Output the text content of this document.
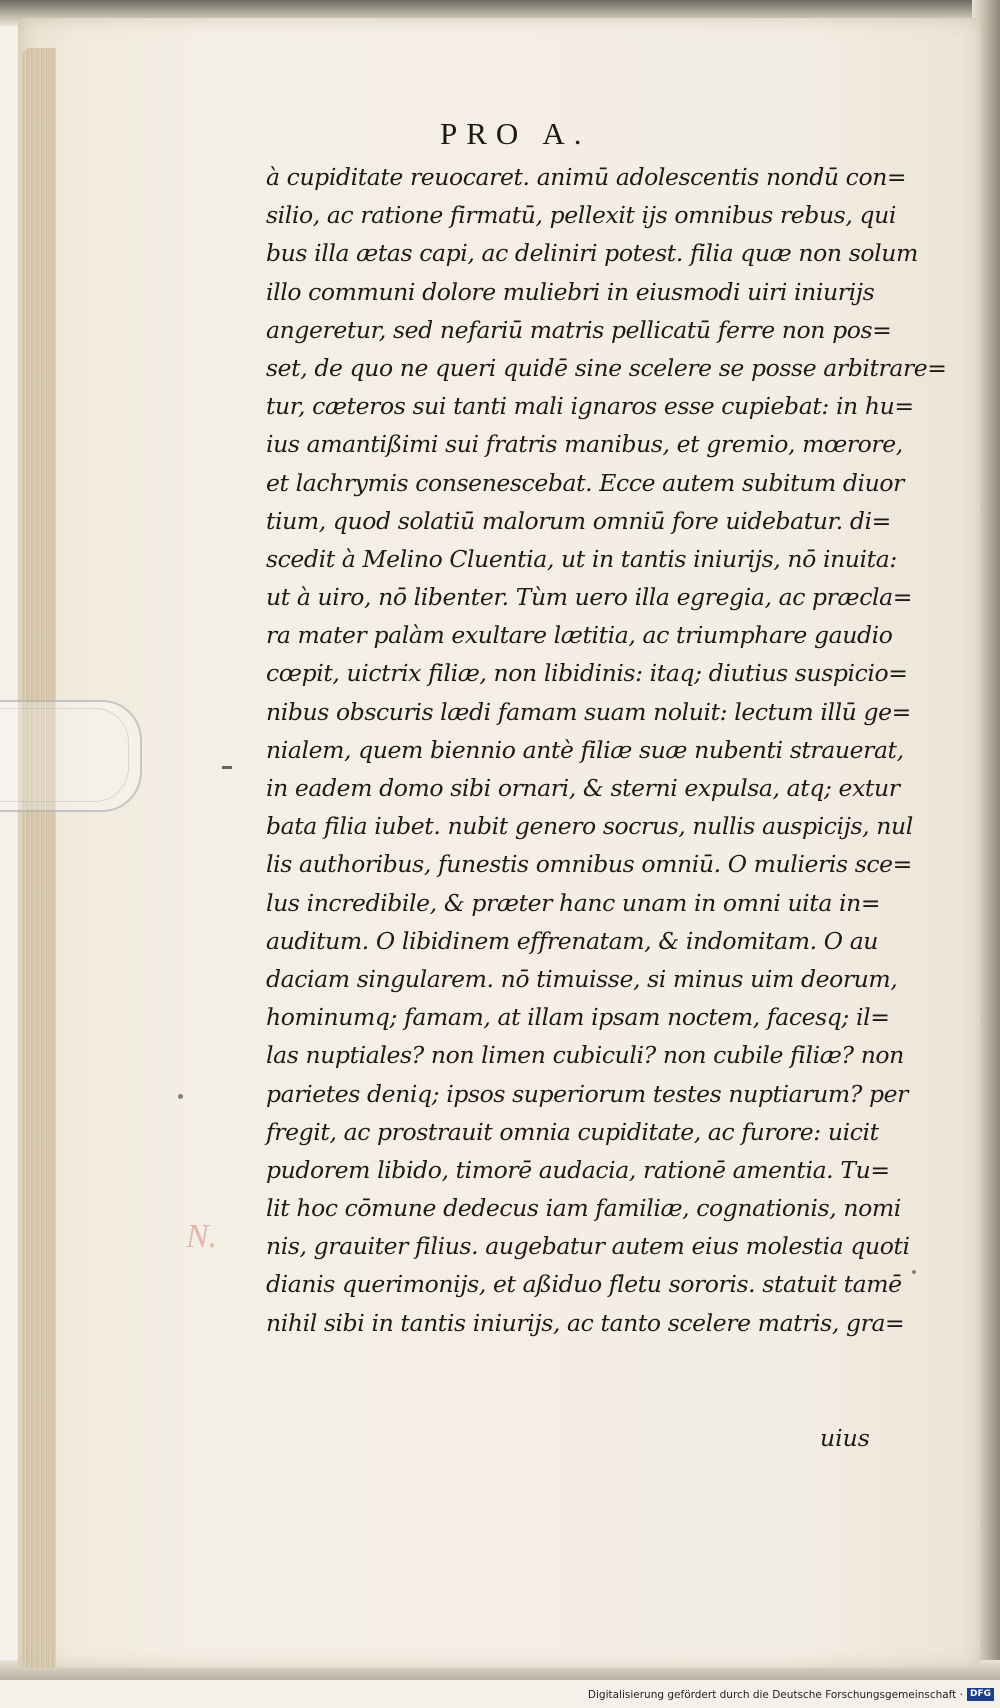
PRO A.
à cupiditate reuocaret. animū adolescentis nondū con=
silio, ac ratione firmatū, pellexit ijs omnibus rebus, qui
bus illa ætas capi, ac deliniri potest. filia quæ non solum
illo communi dolore muliebri in eiusmodi uiri iniurijs
angeretur, sed nefariū matris pellicatū ferre non pos=
set, de quo ne queri quidē sine scelere se posse arbitrare=
tur, cæteros sui tanti mali ignaros esse cupiebat: in hu=
ius amantißimi sui fratris manibus, et gremio, mœrore,
et lachrymis consenescebat. Ecce autem subitum diuor
tium, quod solatiū malorum omniū fore uidebatur. di=
scedit à Melino Cluentia, ut in tantis iniurijs, nō inuita:
ut à uiro, nō libenter. Tùm uero illa egregia, ac præcla=
ra mater palàm exultare lætitia, ac triumphare gaudio
cœpit, uictrix filiæ, non libidinis: itaq; diutius suspicio=
nibus obscuris lædi famam suam noluit: lectum illū ge=
nialem, quem biennio antè filiæ suæ nubenti strauerat,
in eadem domo sibi ornari, & sterni expulsa, atq; extur
bata filia iubet. nubit genero socrus, nullis auspicijs, nul
lis authoribus, funestis omnibus omniū. O mulieris sce=
lus incredibile, & præter hanc unam in omni uita in=
auditum. O libidinem effrenatam, & indomitam. O au
daciam singularem. nō timuisse, si minus uim deorum,
hominumq; famam, at illam ipsam noctem, facesq; il=
las nuptiales? non limen cubiculi? non cubile filiæ? non
parietes deniq; ipsos superiorum testes nuptiarum? per
fregit, ac prostrauit omnia cupiditate, ac furore: uicit
pudorem libido, timorē audacia, rationē amentia. Tu=
lit hoc cōmune dedecus iam familiæ, cognationis, nomi
nis, grauiter filius. augebatur autem eius molestia quoti
dianis querimonijs, et aßiduo fletu sororis. statuit tamē
nihil sibi in tantis iniurijs, ac tanto scelere matris, gra=
uius
N.
Digitalisierung gefördert durch die Deutsche Forschungsgemeinschaft · DFG
